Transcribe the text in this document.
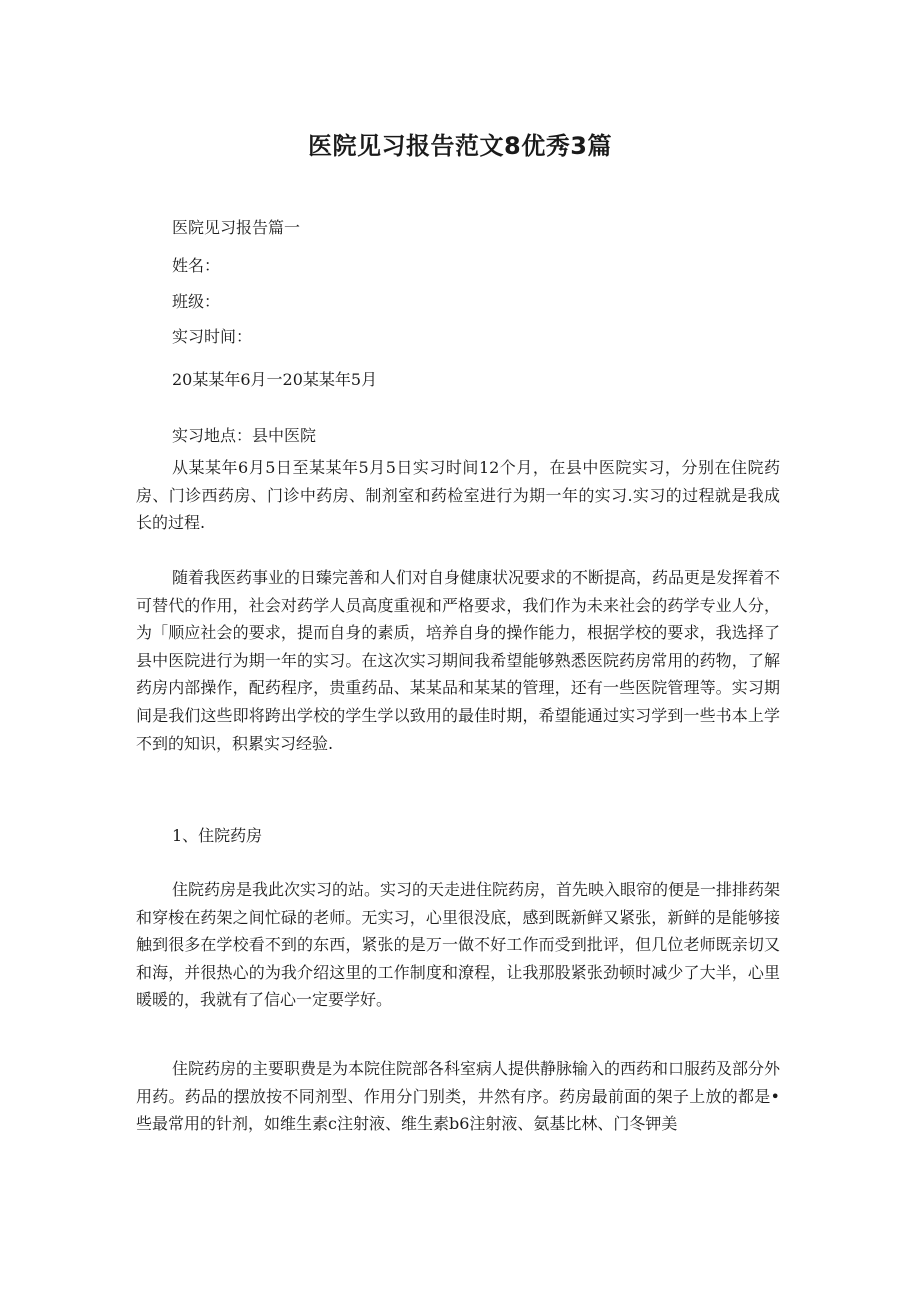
医院见习报告范文8优秀3篇
医院见习报告篇一
姓名：
班级：
实习时间：
20某某年6月一20某某年5月
实习地点：县中医院
从某某年6月5日至某某年5月5日实习时间12个月，在县中医院实习，分别在住院药房、门诊西药房、门诊中药房、制剂室和药检室进行为期一年的实习.实习的过程就是我成长的过程.
随着我医药事业的日臻完善和人们对自身健康状况要求的不断提高，药品更是发挥着不可替代的作用，社会对药学人员高度重视和严格要求，我们作为未来社会的药学专业人分，为「顺应社会的要求，提而自身的素质，培养自身的操作能力，根据学校的要求，我选择了县中医院进行为期一年的实习。在这次实习期间我希望能够熟悉医院药房常用的药物，了解药房内部操作，配药程序，贵重药品、某某品和某某的管理，还有一些医院管理等。实习期间是我们这些即将跨出学校的学生学以致用的最佳时期，希望能通过实习学到一些书本上学不到的知识，积累实习经验.
1、住院药房
住院药房是我此次实习的站。实习的天走进住院药房，首先映入眼帘的便是一排排药架和穿梭在药架之间忙碌的老师。无实习，心里很没底，感到既新鲜又紧张，新鲜的是能够接触到很多在学校看不到的东西，紧张的是万一做不好工作而受到批评，但几位老师既亲切又和海，并很热心的为我介绍这里的工作制度和潦程，让我那股紧张劲顿时减少了大半，心里暖暖的，我就有了信心一定要学好。
住院药房的主要职费是为本院住院部各科室病人提供静脉输入的西药和口服药及部分外用药。药品的摆放按不同剂型、作用分门别类，井然有序。药房最前面的架子上放的都是•些最常用的针剂，如维生素c注射液、维生素b6注射液、氨基比林、门冬钾美
